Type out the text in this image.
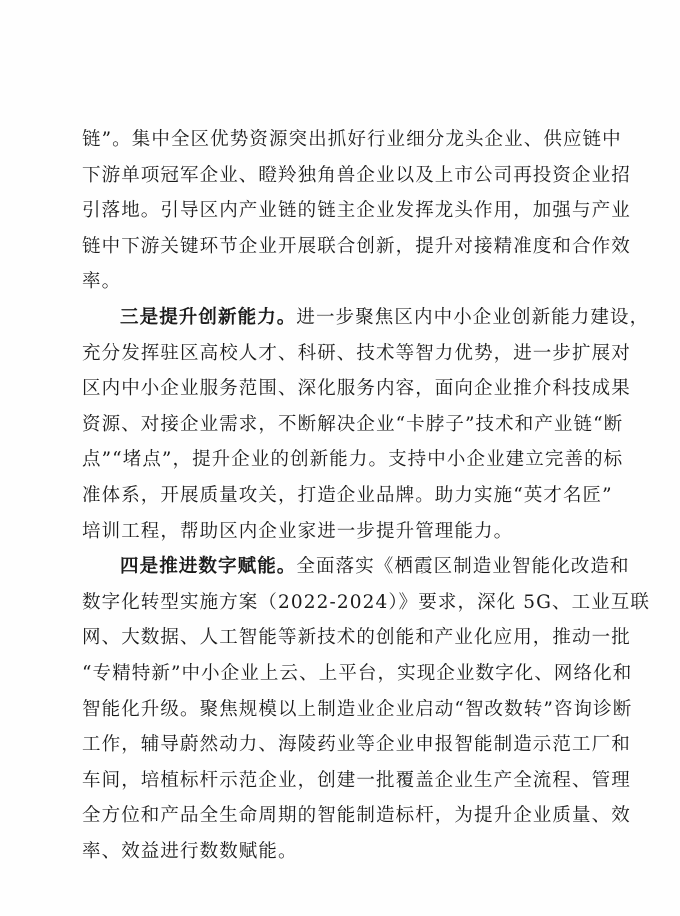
链”。集中全区优势资源突出抓好行业细分龙头企业、供应链中
下游单项冠军企业、瞪羚独角兽企业以及上市公司再投资企业招
引落地。引导区内产业链的链主企业发挥龙头作用，加强与产业
链中下游关键环节企业开展联合创新，提升对接精准度和合作效
率。
三是提升创新能力。进一步聚焦区内中小企业创新能力建设，
充分发挥驻区高校人才、科研、技术等智力优势，进一步扩展对
区内中小企业服务范围、深化服务内容，面向企业推介科技成果
资源、对接企业需求，不断解决企业“卡脖子”技术和产业链“断
点”“堵点”，提升企业的创新能力。支持中小企业建立完善的标
准体系，开展质量攻关，打造企业品牌。助力实施“英才名匠”
培训工程，帮助区内企业家进一步提升管理能力。
四是推进数字赋能。全面落实《栖霞区制造业智能化改造和
数字化转型实施方案（2022-2024）》要求，深化 5G、工业互联
网、大数据、人工智能等新技术的创能和产业化应用，推动一批
“专精特新”中小企业上云、上平台，实现企业数字化、网络化和
智能化升级。聚焦规模以上制造业企业启动“智改数转”咨询诊断
工作，辅导蔚然动力、海陵药业等企业申报智能制造示范工厂和
车间，培植标杆示范企业，创建一批覆盖企业生产全流程、管理
全方位和产品全生命周期的智能制造标杆，为提升企业质量、效
率、效益进行数数赋能。
